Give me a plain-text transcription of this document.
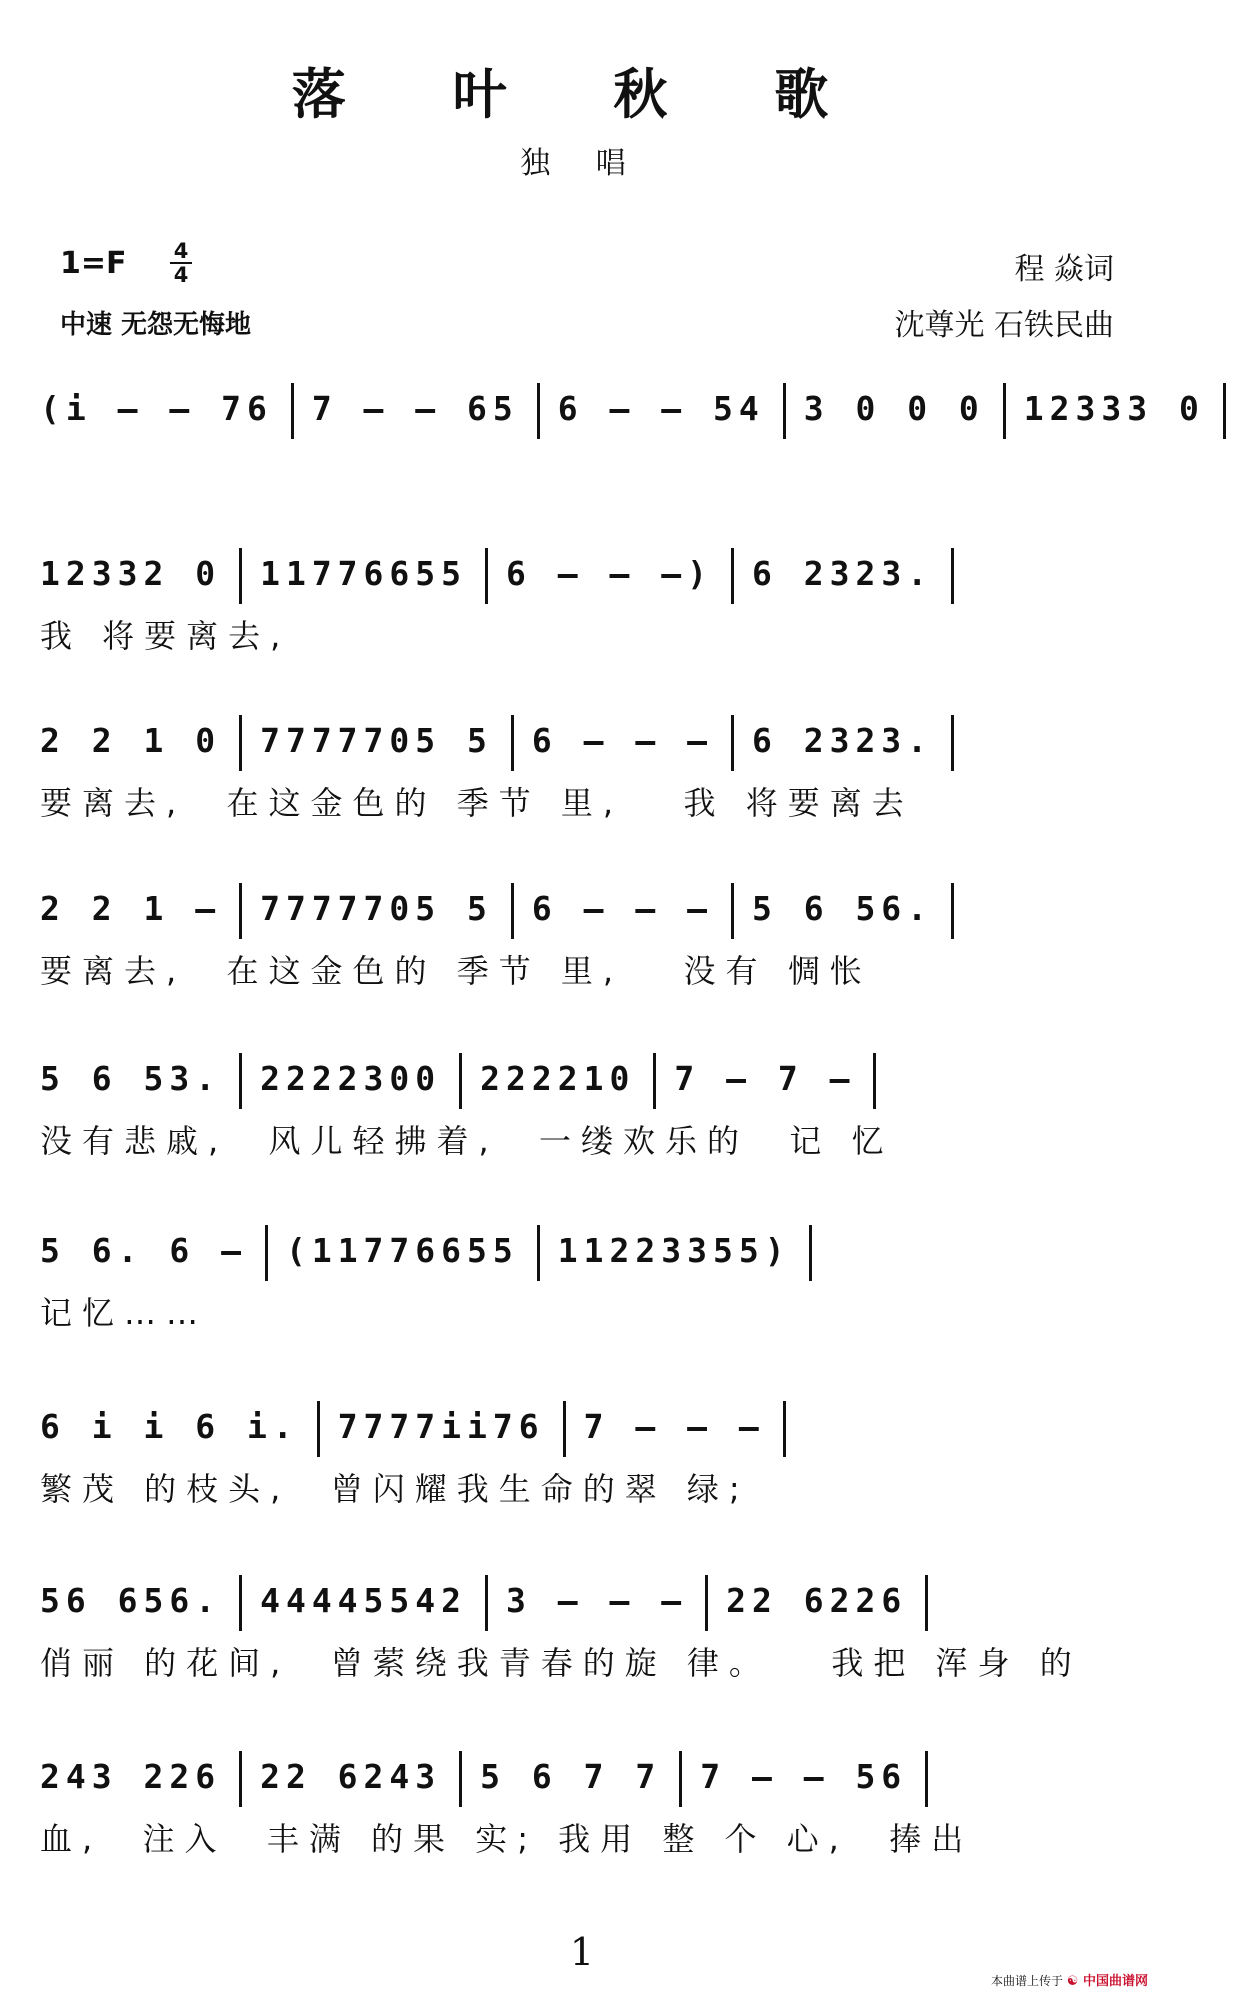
落 叶 秋 歌
独 唱
1=F 4
4
中速 无怨无悔地
程 焱词
沈尊光 石铁民曲
(i – – 76 7 – – 65 6 – – 54 3 0 0 0 12333 0
12332 0 11776655 6 – – –) 6 2323.
我 将要离去,
2 2 1 0 7777705 5 6 – – – 6 2323.
要离去,  在这金色的 季节 里,   我 将要离去
2 2 1 – 7777705 5 6 – – – 5 6 56.
要离去,  在这金色的 季节 里,   没有 惆怅
5 6 53. 2222300 222210 7 – 7 –
没有悲戚,  风儿轻拂着,  一缕欢乐的  记 忆
5 6. 6 – (11776655 11223355)
记忆……
6 i i 6 i. 7777ii76 7 – – –
繁茂 的枝头,  曾闪耀我生命的翠 绿;
56 656. 44445542 3 – – – 22 6226
俏丽 的花间,  曾萦绕我青春的旋 律。   我把 浑身 的
243 226 22 6243 5 6 7 7 7 – – 56
血,  注入  丰满 的果 实; 我用 整 个 心,  捧出
1
本曲谱上传于 ☯ 中国曲谱网
